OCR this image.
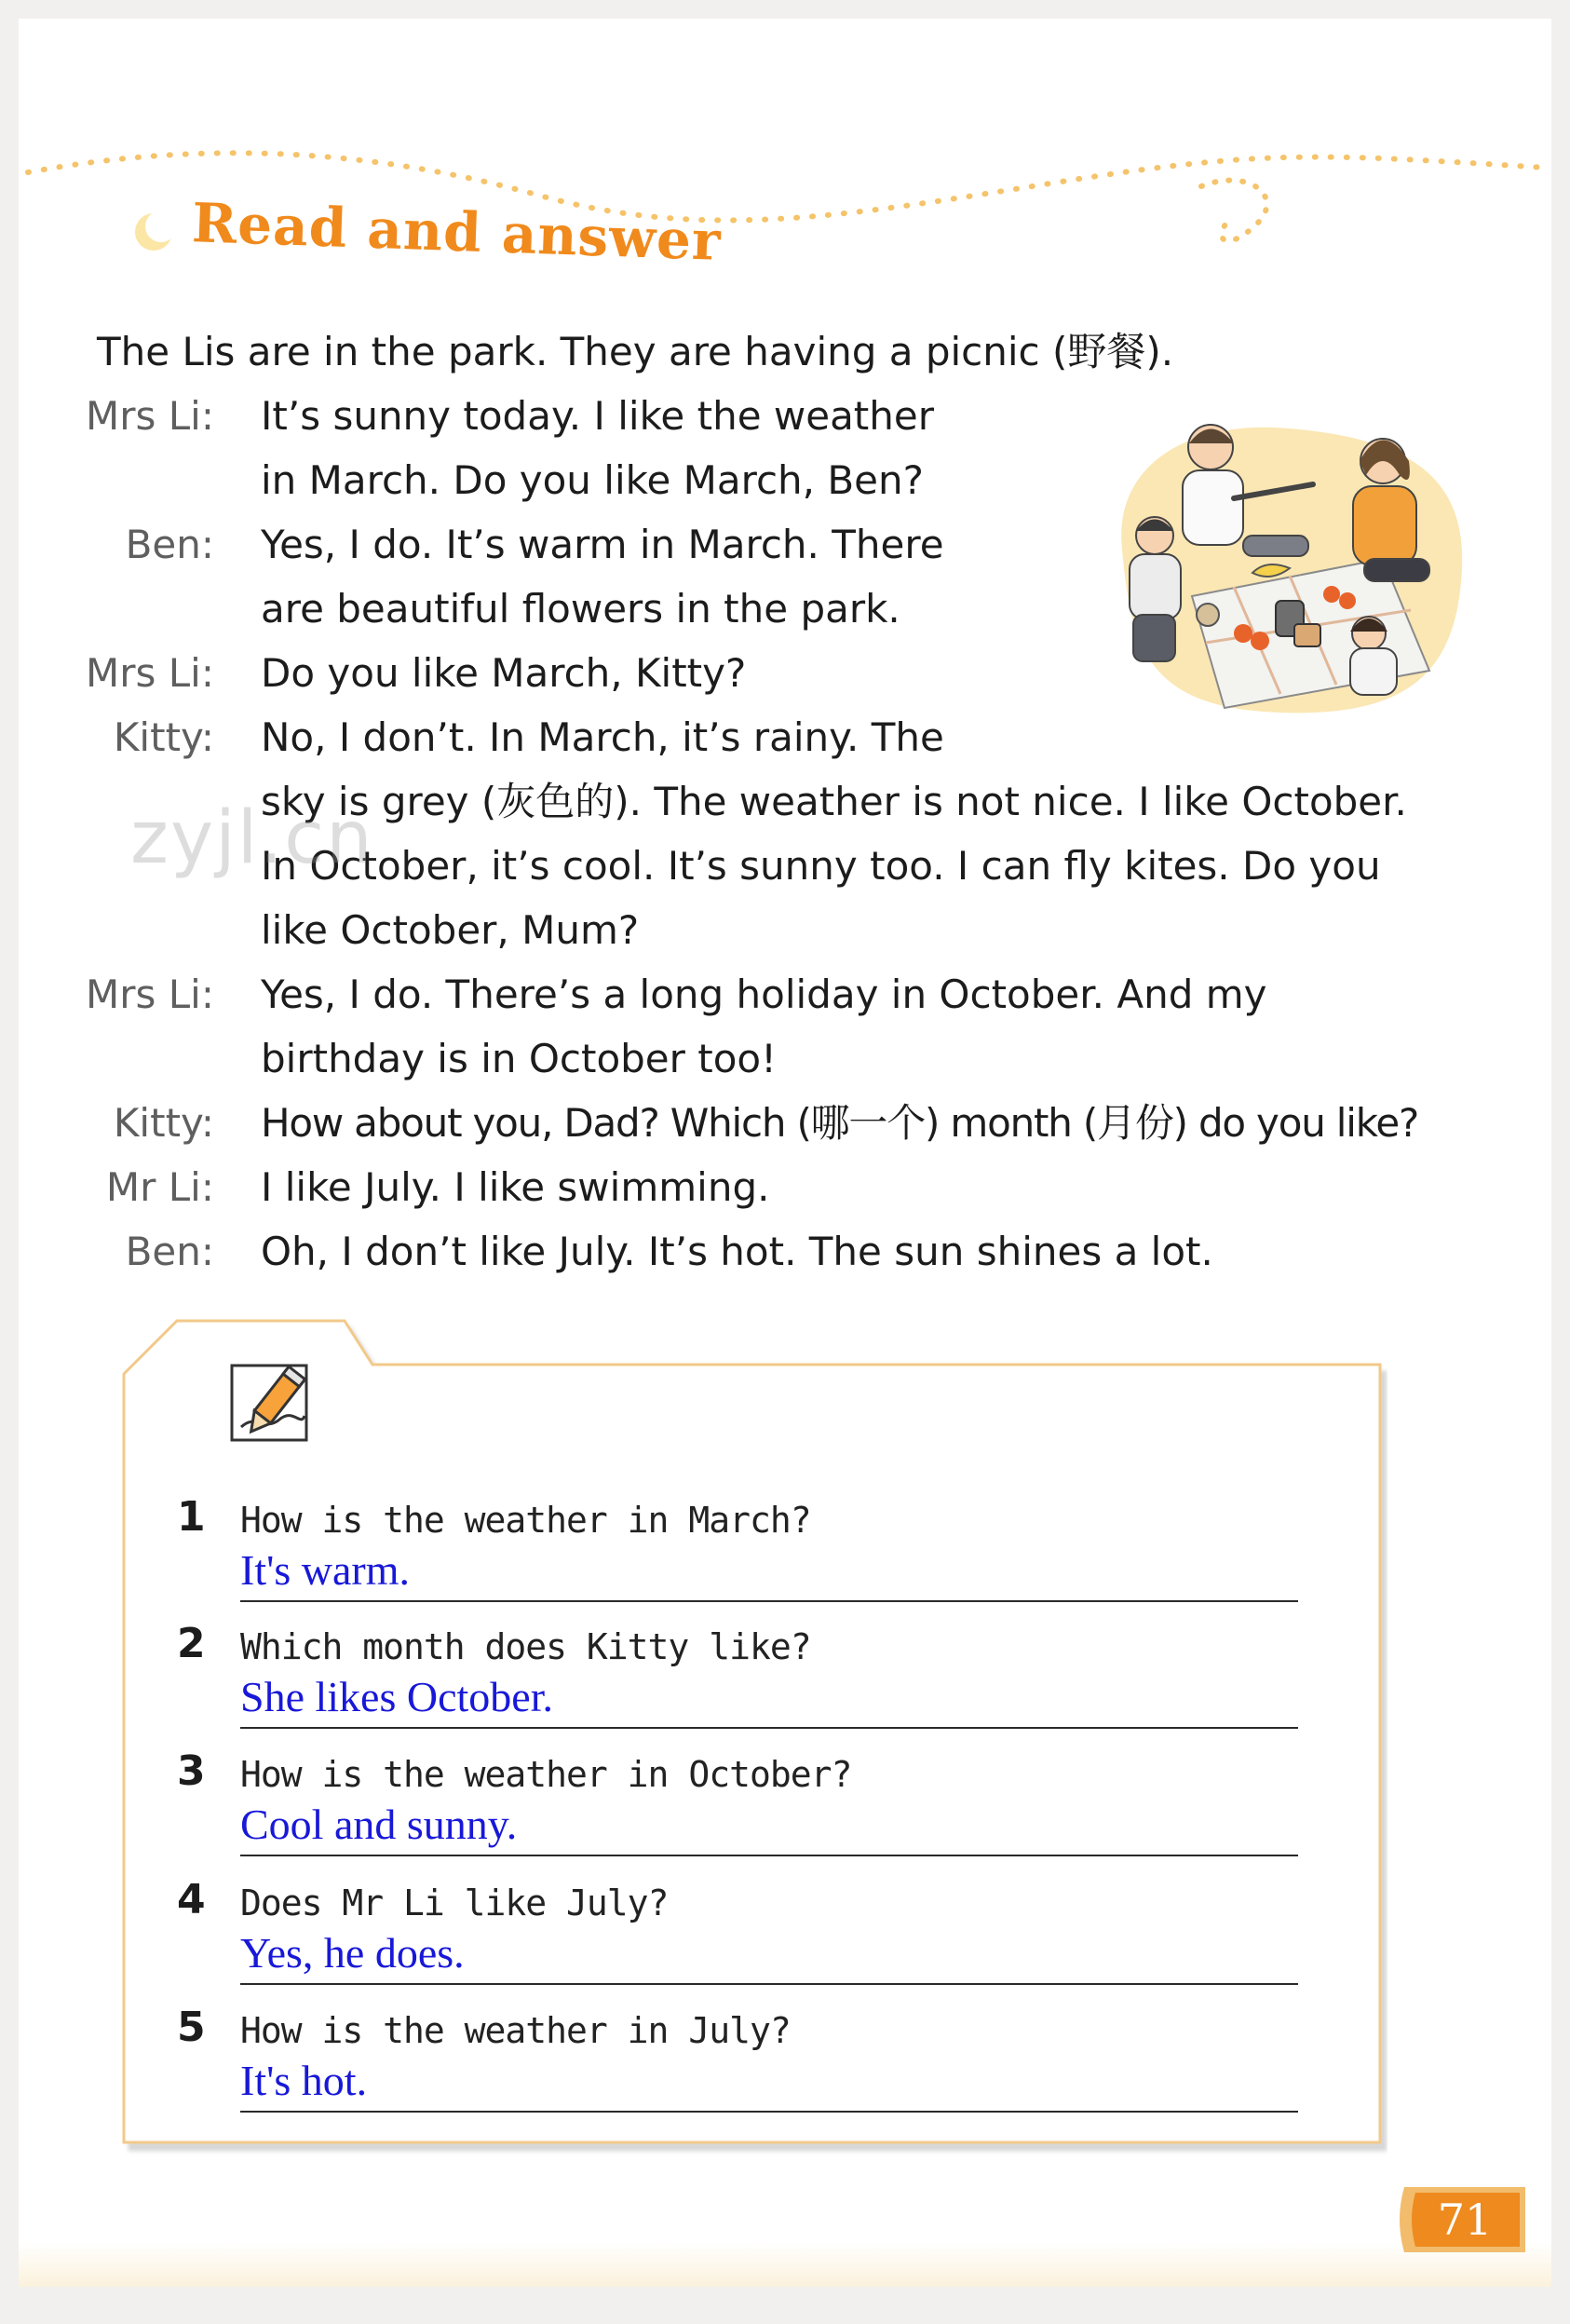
Read and answer
The Lis are in the park. They are having a picnic (野餐).
Mrs Li:	It’s sunny today. I like the weather
in March. Do you like March, Ben?
Ben:	Yes, I do. It’s warm in March. There
are beautiful flowers in the park.
Mrs Li:	Do you like March, Kitty?
Kitty:	No, I don’t. In March, it’s rainy. The
sky is grey (灰色的). The weather is not nice. I like October.
In October, it’s cool. It’s sunny too. I can fly kites. Do you
like October, Mum?
Mrs Li:	Yes, I do. There’s a long holiday in October. And my
birthday is in October too!
Kitty:	How about you, Dad? Which (哪一个) month (月份) do you like?
Mr Li:	I like July. I like swimming.
Ben:	Oh, I don’t like July. It’s hot. The sun shines a lot.
zyjl.cn
1 How is the weather in March?
It's warm.
2 Which month does Kitty like?
She likes October.
3 How is the weather in October?
Cool and sunny.
4 Does Mr Li like July?
Yes, he does.
5 How is the weather in July?
It's hot.
71
